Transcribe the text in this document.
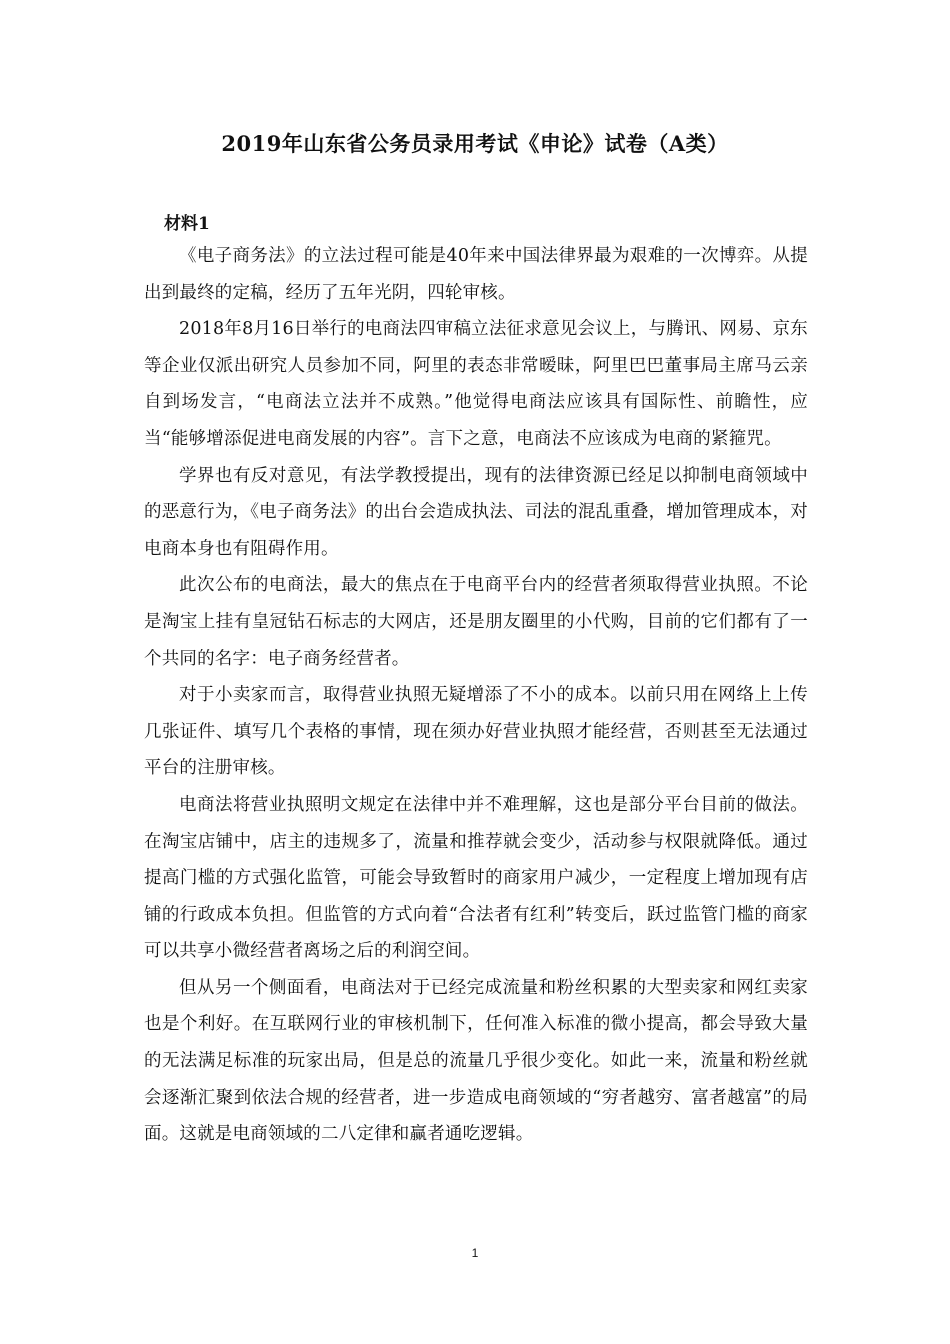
2019年山东省公务员录用考试《申论》试卷（A类）
材料1

《电子商务法》的立法过程可能是40年来中国法律界最为艰难的一次博弈。从提出到最终的定稿，经历了五年光阴，四轮审核。

2018年8月16日举行的电商法四审稿立法征求意见会议上，与腾讯、网易、京东等企业仅派出研究人员参加不同，阿里的表态非常暧昧，阿里巴巴董事局主席马云亲自到场发言，“电商法立法并不成熟。”他觉得电商法应该具有国际性、前瞻性，应当“能够增添促进电商发展的内容”。言下之意，电商法不应该成为电商的紧箍咒。

学界也有反对意见，有法学教授提出，现有的法律资源已经足以抑制电商领域中的恶意行为，《电子商务法》的出台会造成执法、司法的混乱重叠，增加管理成本，对电商本身也有阻碍作用。

此次公布的电商法，最大的焦点在于电商平台内的经营者须取得营业执照。不论是淘宝上挂有皇冠钻石标志的大网店，还是朋友圈里的小代购，目前的它们都有了一个共同的名字：电子商务经营者。

对于小卖家而言，取得营业执照无疑增添了不小的成本。以前只用在网络上上传几张证件、填写几个表格的事情，现在须办好营业执照才能经营，否则甚至无法通过平台的注册审核。

电商法将营业执照明文规定在法律中并不难理解，这也是部分平台目前的做法。在淘宝店铺中，店主的违规多了，流量和推荐就会变少，活动参与权限就降低。通过提高门槛的方式强化监管，可能会导致暂时的商家用户减少，一定程度上增加现有店铺的行政成本负担。但监管的方式向着“合法者有红利”转变后，跃过监管门槛的商家可以共享小微经营者离场之后的利润空间。

但从另一个侧面看，电商法对于已经完成流量和粉丝积累的大型卖家和网红卖家也是个利好。在互联网行业的审核机制下，任何准入标准的微小提高，都会导致大量的无法满足标准的玩家出局，但是总的流量几乎很少变化。如此一来，流量和粉丝就会逐渐汇聚到依法合规的经营者，进一步造成电商领域的“穷者越穷、富者越富”的局面。这就是电商领域的二八定律和赢者通吃逻辑。

1
